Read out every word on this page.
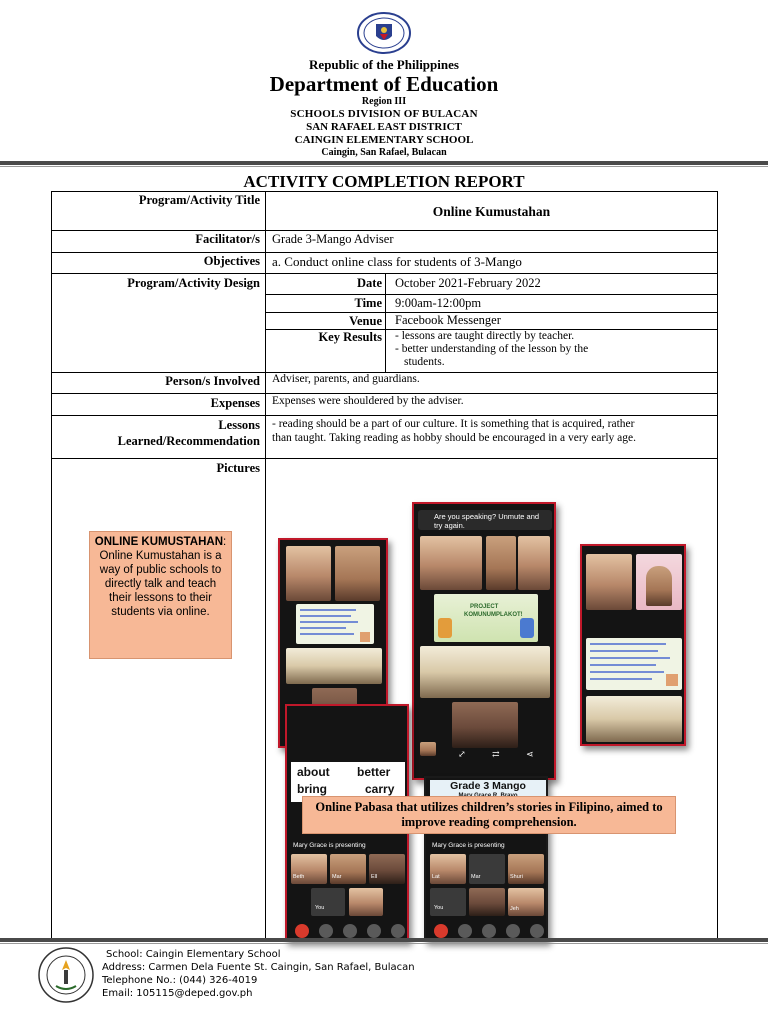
Republic of the Philippines
Department of Education
Region III
SCHOOLS DIVISION OF BULACAN
SAN RAFAEL EAST DISTRICT
CAINGIN ELEMENTARY SCHOOL
Caingin, San Rafael, Bulacan
ACTIVITY COMPLETION REPORT
Program/Activity Title
Online Kumustahan
Facilitator/s Grade 3-Mango Adviser
Objectives a. Conduct online class for students of 3-Mango
Program/Activity Design	Date October 2021-February 2022
Time 9:00am-12:00pm
Venue Facebook Messenger
Key Results - lessons are taught directly by teacher.
- better understanding of the lesson by the
students.
Person/s Involved Adviser, parents, and guardians.
Expenses Expenses were shouldered by the adviser.
Lessons
Learned/Recommendation
- reading should be a part of our culture. It is something that is acquired, rather
than taught. Taking reading as hobby should be encouraged in a very early age.
Pictures
ONLINE KUMUSTAHAN:
Online Kumustahan is a way of public schools to directly talk and teach their lessons to their students via online.
Are you speaking? Unmute and try again.
PROJECT
KOMUNUMPLAKOT!
⤢	⇄	⋖
about better
bring	carry
Mary Grace is presenting
Beth	Mar	Ell
You
Grade 3 Mango
Mary Grace is presenting
Lat	Mar	Shuri
You	Jeh
Online Pabasa that utilizes children’s stories in Filipino, aimed to improve reading comprehension.
School: Caingin Elementary School
Address: Carmen Dela Fuente St. Caingin, San Rafael, Bulacan
Telephone No.: (044) 326-4019
Email: 105115@deped.gov.ph
